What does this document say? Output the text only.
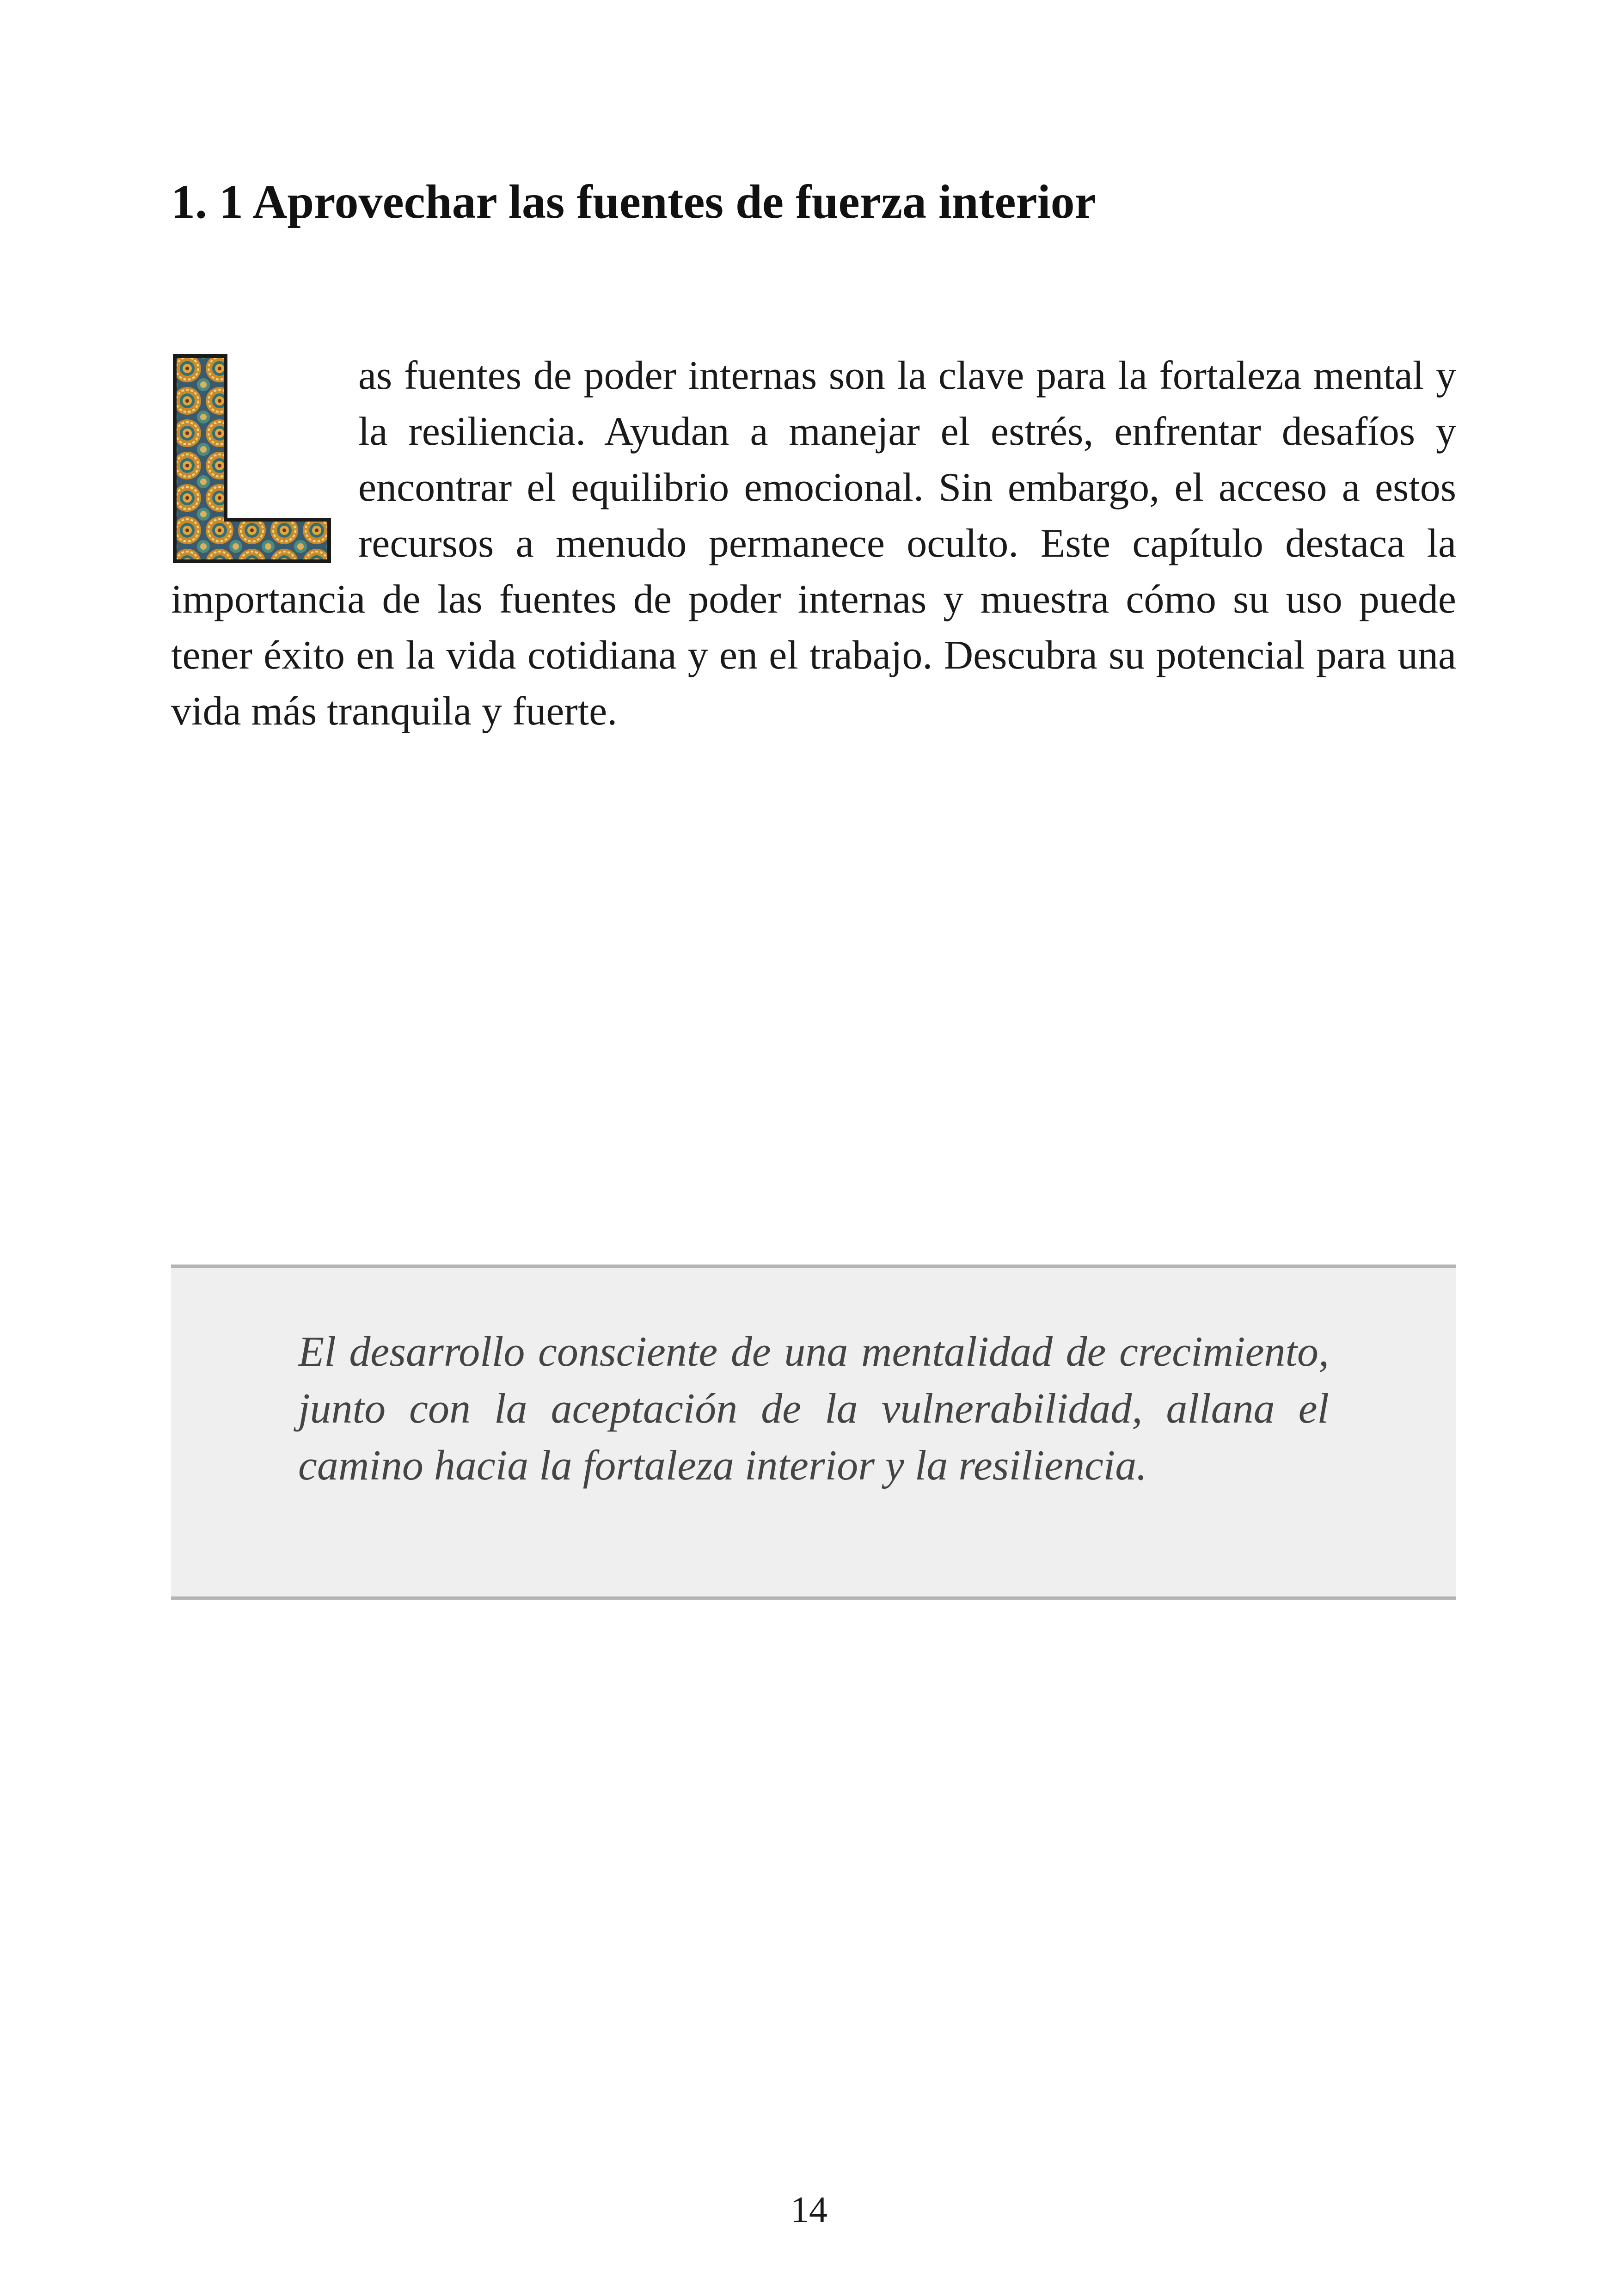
1. 1 Aprovechar las fuentes de fuerza interior
as fuentes de poder internas son la clave para la fortaleza mental y la resiliencia. Ayudan a manejar el estrés, enfrentar desafíos y encontrar el equilibrio emocional. Sin embargo, el acceso a estos recursos a menudo permanece oculto. Este capítulo destaca la importancia de las fuentes de poder internas y muestra cómo su uso puede tener éxito en la vida cotidiana y en el trabajo. Descubra su potencial para una vida más tranquila y fuerte.

El desarrollo consciente de una mentalidad de crecimiento, junto con la aceptación de la vulnerabilidad, allana el camino hacia la fortaleza interior y la resiliencia.

14
